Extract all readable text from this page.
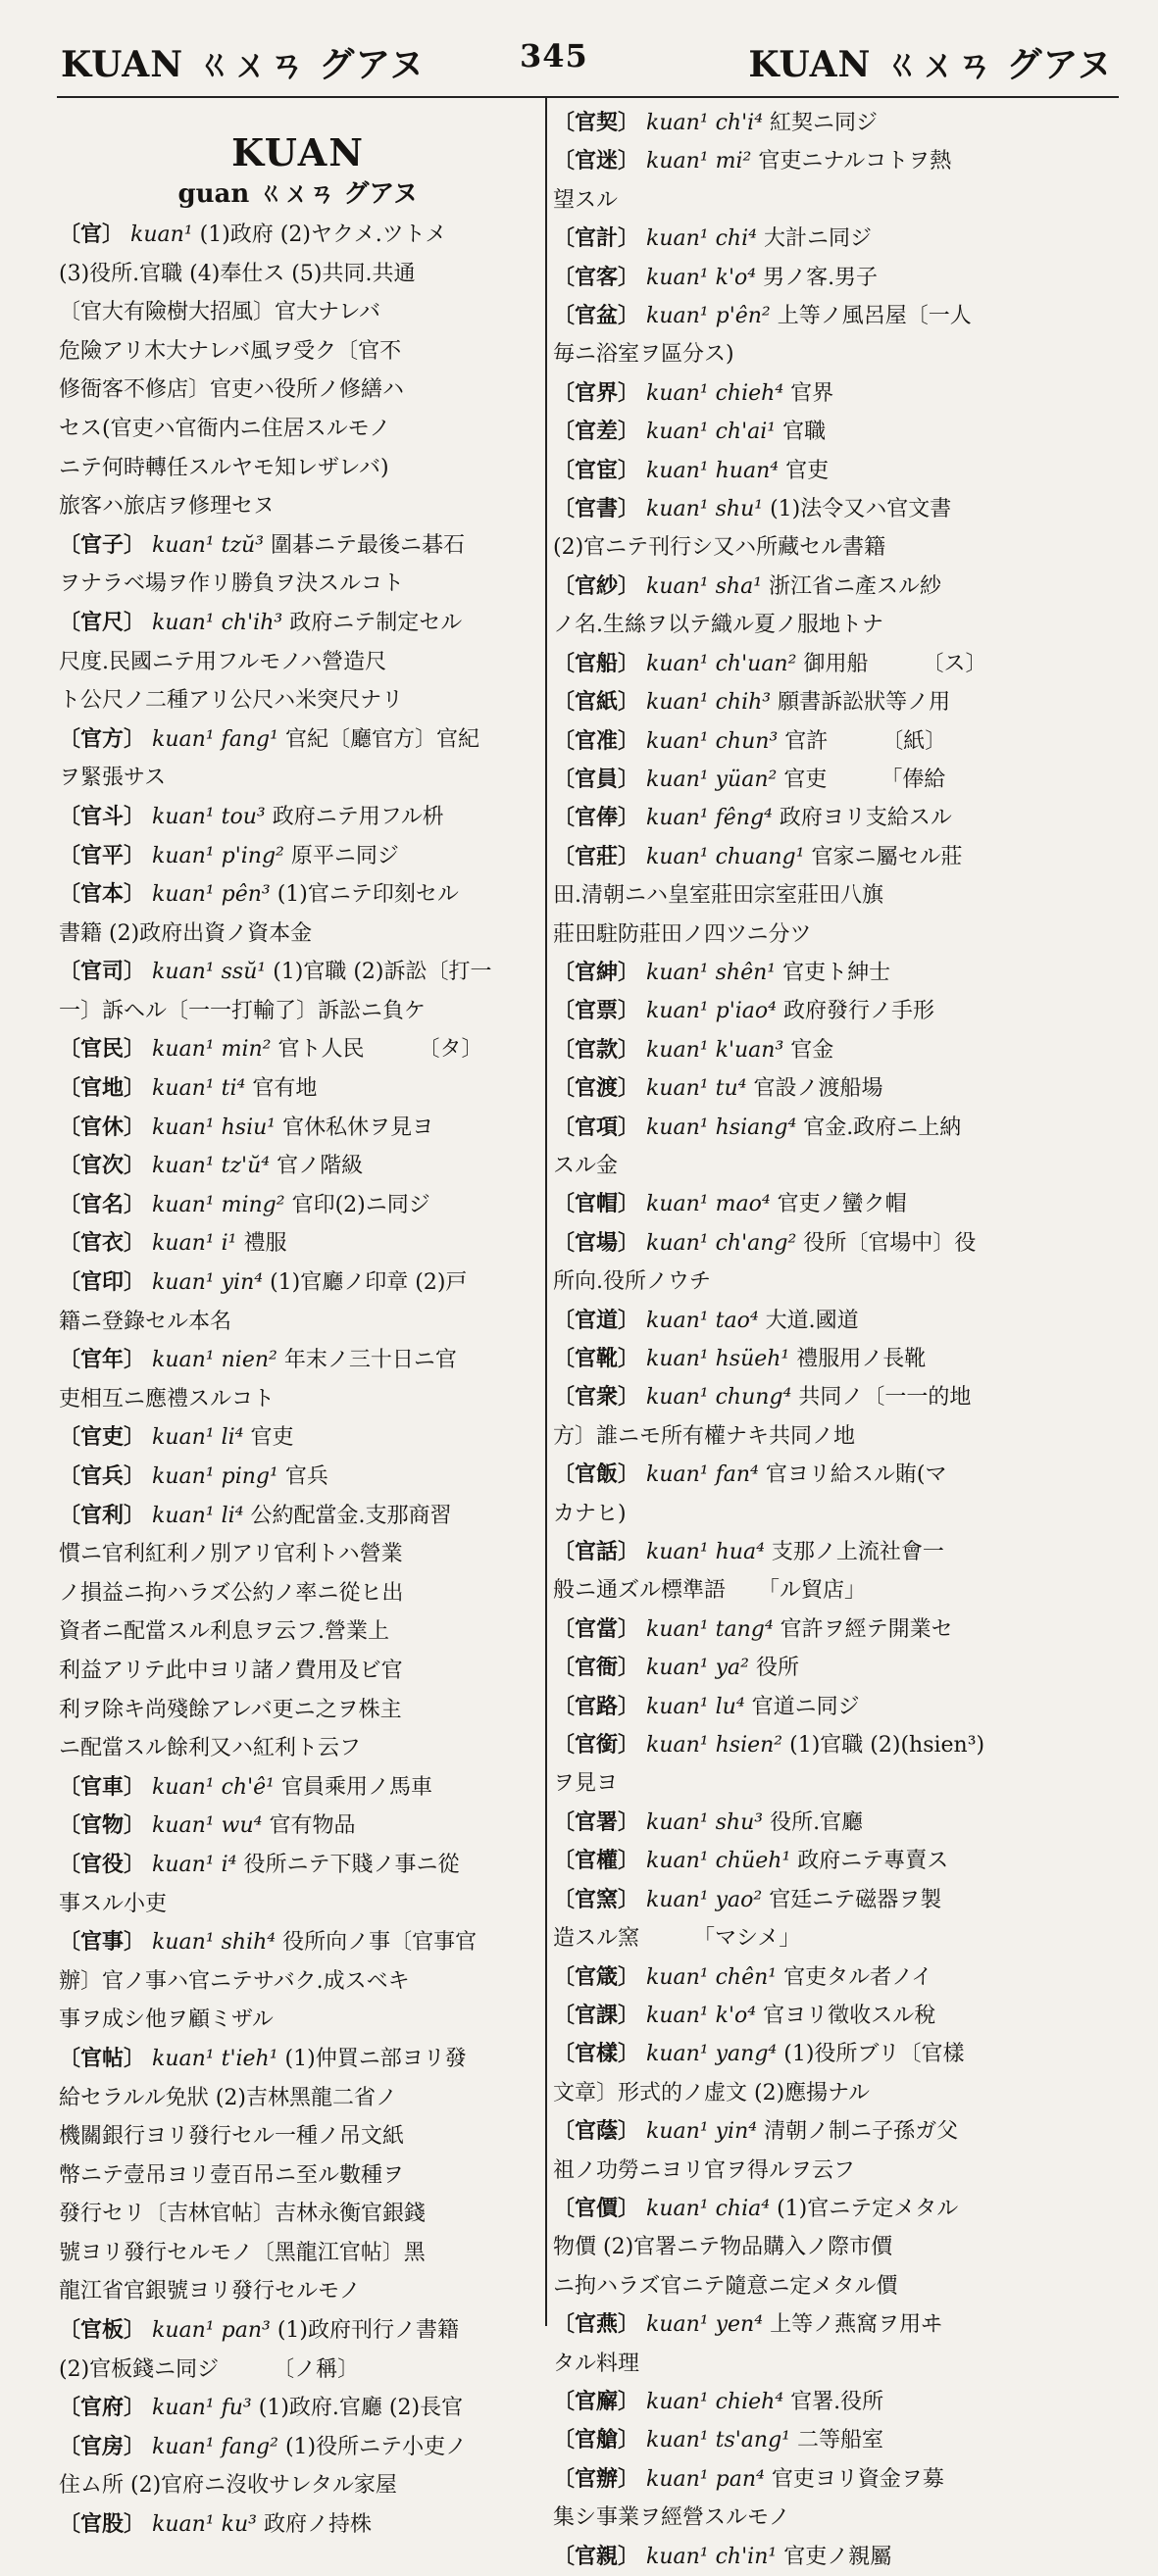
KUAN ㄍㄨㄢ グアヌ	345	KUAN ㄍㄨㄢ グアヌ
KUAN
guan ㄍㄨㄢ グアヌ
〔官〕 kuan¹ (1)政府 (2)ヤクメ.ツトメ
(3)役所.官職 (4)奉仕ス (5)共同.共通
〔官大有險樹大招風〕官大ナレバ
危險アリ木大ナレバ風ヲ受ク〔官不
修衙客不修店〕官吏ハ役所ノ修繕ハ
セス(官吏ハ官衙内ニ住居スルモノ
ニテ何時轉任スルヤモ知レザレバ)
旅客ハ旅店ヲ修理セヌ
〔官子〕 kuan¹ tzŭ³ 圍碁ニテ最後ニ碁石
ヲナラベ場ヲ作リ勝負ヲ決スルコト
〔官尺〕 kuan¹ ch'ih³ 政府ニテ制定セル
尺度.民國ニテ用フルモノハ營造尺
ト公尺ノ二種アリ公尺ハ米突尺ナリ
〔官方〕 kuan¹ fang¹ 官紀〔廳官方〕官紀
ヲ緊張サス
〔官斗〕 kuan¹ tou³ 政府ニテ用フル枡
〔官平〕 kuan¹ p'ing² 原平ニ同ジ
〔官本〕 kuan¹ pên³ (1)官ニテ印刻セル
書籍 (2)政府出資ノ資本金
〔官司〕 kuan¹ ssŭ¹ (1)官職 (2)訴訟〔打一
一〕訴ヘル〔一一打輸了〕訴訟ニ負ケ
〔官民〕 kuan¹ min² 官ト人民　　　〔タ〕
〔官地〕 kuan¹ ti⁴ 官有地
〔官休〕 kuan¹ hsiu¹ 官休私休ヲ見ヨ
〔官次〕 kuan¹ tz'ŭ⁴ 官ノ階級
〔官名〕 kuan¹ ming² 官印(2)ニ同ジ
〔官衣〕 kuan¹ i¹ 禮服
〔官印〕 kuan¹ yin⁴ (1)官廳ノ印章 (2)戸
籍ニ登錄セル本名
〔官年〕 kuan¹ nien² 年末ノ三十日ニ官
吏相互ニ應禮スルコト
〔官吏〕 kuan¹ li⁴ 官吏
〔官兵〕 kuan¹ ping¹ 官兵
〔官利〕 kuan¹ li⁴ 公約配當金.支那商習
慣ニ官利紅利ノ別アリ官利トハ營業
ノ損益ニ拘ハラズ公約ノ率ニ從ヒ出
資者ニ配當スル利息ヲ云フ.營業上
利益アリテ此中ヨリ諸ノ費用及ビ官
利ヲ除キ尚殘餘アレバ更ニ之ヲ株主
ニ配當スル餘利又ハ紅利ト云フ
〔官車〕 kuan¹ ch'ê¹ 官員乘用ノ馬車
〔官物〕 kuan¹ wu⁴ 官有物品
〔官役〕 kuan¹ i⁴ 役所ニテ下賤ノ事ニ從
事スル小吏
〔官事〕 kuan¹ shih⁴ 役所向ノ事〔官事官
辦〕官ノ事ハ官ニテサバク.成スベキ
事ヲ成シ他ヲ顧ミザル
〔官帖〕 kuan¹ t'ieh¹ (1)仲買ニ部ヨリ發
給セラルル免狀 (2)吉林黑龍二省ノ
機關銀行ヨリ發行セル一種ノ吊文紙
幣ニテ壹吊ヨリ壹百吊ニ至ル數種ヲ
發行セリ〔吉林官帖〕吉林永衡官銀錢
號ヨリ發行セルモノ〔黑龍江官帖〕黑
龍江省官銀號ヨリ發行セルモノ
〔官板〕 kuan¹ pan³ (1)政府刊行ノ書籍
(2)官板錢ニ同ジ　　　〔ノ稱〕
〔官府〕 kuan¹ fu³ (1)政府.官廳 (2)長官
〔官房〕 kuan¹ fang² (1)役所ニテ小吏ノ
住ム所 (2)官府ニ沒收サレタル家屋
〔官股〕 kuan¹ ku³ 政府ノ持株
〔官契〕 kuan¹ ch'i⁴ 紅契ニ同ジ
〔官迷〕 kuan¹ mi² 官吏ニナルコトヲ熱
望スル
〔官計〕 kuan¹ chi⁴ 大計ニ同ジ
〔官客〕 kuan¹ k'o⁴ 男ノ客.男子
〔官盆〕 kuan¹ p'ên² 上等ノ風呂屋〔一人
毎ニ浴室ヲ區分ス)
〔官界〕 kuan¹ chieh⁴ 官界
〔官差〕 kuan¹ ch'ai¹ 官職
〔官宦〕 kuan¹ huan⁴ 官吏
〔官書〕 kuan¹ shu¹ (1)法令又ハ官文書
(2)官ニテ刊行シ又ハ所藏セル書籍
〔官紗〕 kuan¹ sha¹ 浙江省ニ產スル紗
ノ名.生絲ヲ以テ織ル夏ノ服地トナ
〔官船〕 kuan¹ ch'uan² 御用船　　　〔ス〕
〔官紙〕 kuan¹ chih³ 願書訴訟狀等ノ用
〔官准〕 kuan¹ chun³ 官許　　　〔紙〕
〔官員〕 kuan¹ yüan² 官吏　　　「俸給
〔官俸〕 kuan¹ fêng⁴ 政府ヨリ支給スル
〔官莊〕 kuan¹ chuang¹ 官家ニ屬セル莊
田.清朝ニハ皇室莊田宗室莊田八旗
莊田駐防莊田ノ四ツニ分ツ
〔官紳〕 kuan¹ shên¹ 官吏ト紳士
〔官票〕 kuan¹ p'iao⁴ 政府發行ノ手形
〔官款〕 kuan¹ k'uan³ 官金
〔官渡〕 kuan¹ tu⁴ 官設ノ渡船場
〔官項〕 kuan¹ hsiang⁴ 官金.政府ニ上納
スル金
〔官帽〕 kuan¹ mao⁴ 官吏ノ蠻ク帽
〔官場〕 kuan¹ ch'ang² 役所〔官場中〕役
所向.役所ノウチ
〔官道〕 kuan¹ tao⁴ 大道.國道
〔官靴〕 kuan¹ hsüeh¹ 禮服用ノ長靴
〔官衆〕 kuan¹ chung⁴ 共同ノ〔一一的地
方〕誰ニモ所有權ナキ共同ノ地
〔官飯〕 kuan¹ fan⁴ 官ヨリ給スル賄(マ
カナヒ)
〔官話〕 kuan¹ hua⁴ 支那ノ上流社會一
般ニ通ズル標準語　　「ル貿店」
〔官當〕 kuan¹ tang⁴ 官許ヲ經テ開業セ
〔官衙〕 kuan¹ ya² 役所
〔官路〕 kuan¹ lu⁴ 官道ニ同ジ
〔官銜〕 kuan¹ hsien² (1)官職 (2)(hsien³)
ヲ見ヨ
〔官署〕 kuan¹ shu³ 役所.官廳
〔官權〕 kuan¹ chüeh¹ 政府ニテ專賣ス
〔官窯〕 kuan¹ yao² 官廷ニテ磁器ヲ製
造スル窯　　　「マシメ」
〔官箴〕 kuan¹ chên¹ 官吏タル者ノイ
〔官課〕 kuan¹ k'o⁴ 官ヨリ徵收スル稅
〔官樣〕 kuan¹ yang⁴ (1)役所ブリ〔官樣
文章〕形式的ノ虚文 (2)應揚ナル
〔官蔭〕 kuan¹ yin⁴ 清朝ノ制ニ子孫ガ父
祖ノ功勞ニヨリ官ヲ得ルヲ云フ
〔官價〕 kuan¹ chia⁴ (1)官ニテ定メタル
物價 (2)官署ニテ物品購入ノ際市價
ニ拘ハラズ官ニテ隨意ニ定メタル價
〔官燕〕 kuan¹ yen⁴ 上等ノ燕窩ヲ用ヰ
タル料理
〔官廨〕 kuan¹ chieh⁴ 官署.役所
〔官艙〕 kuan¹ ts'ang¹ 二等船室
〔官辦〕 kuan¹ pan⁴ 官吏ヨリ資金ヲ募
集シ事業ヲ經營スルモノ
〔官親〕 kuan¹ ch'in¹ 官吏ノ親屬
